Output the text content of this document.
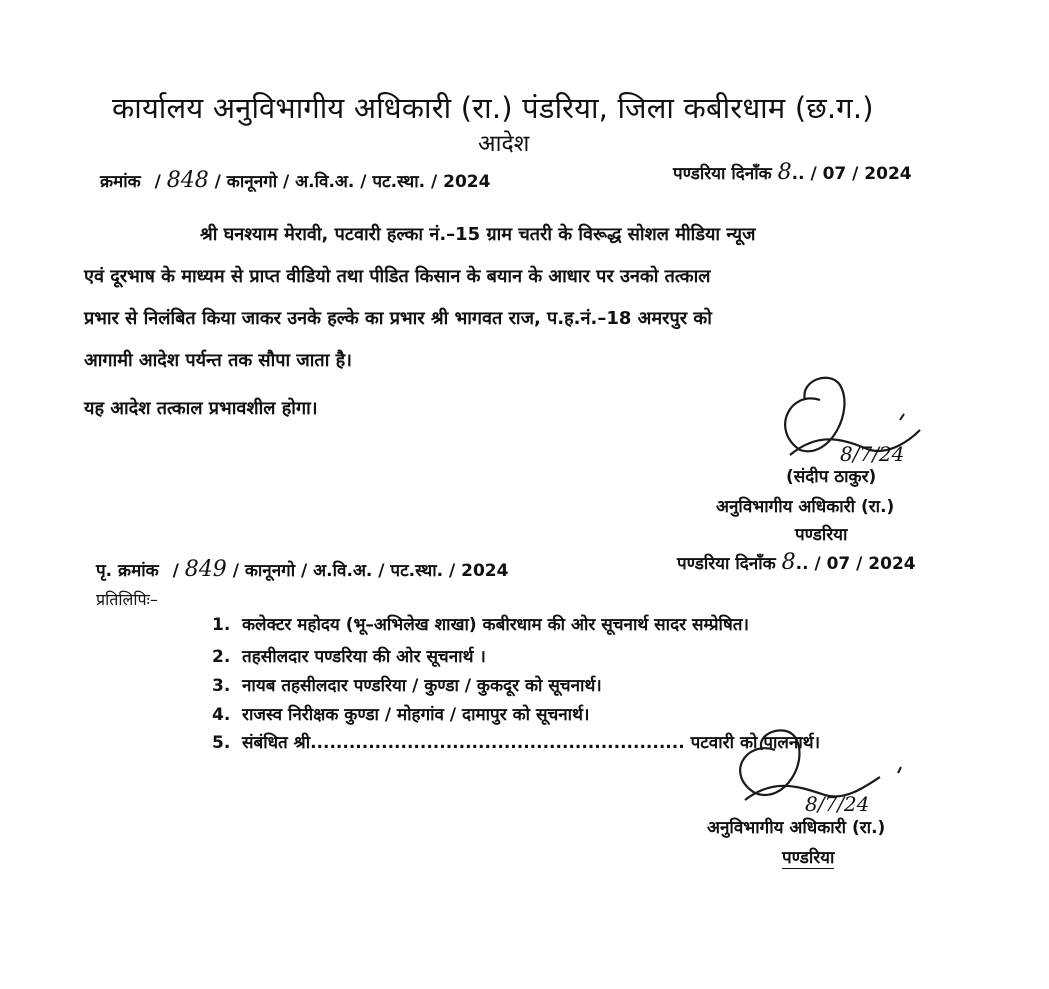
कार्यालय अनुविभागीय अधिकारी (रा.) पंडरिया, जिला कबीरधाम (छ.ग.)
आदेश
क्रमांक / 848 / कानूनगो / अ.वि.अ. / पट.स्था. / 2024	पण्डरिया दिनाँक 8.. / 07 / 2024
श्री घनश्याम मेरावी, पटवारी हल्का नं.–15 ग्राम चतरी के विरूद्ध सोशल मीडिया न्यूज
एवं दूरभाष के माध्यम से प्राप्त वीडियो तथा पीडित किसान के बयान के आधार पर उनको तत्काल
प्रभार से निलंबित किया जाकर उनके हल्के का प्रभार श्री भागवत राज, प.ह.नं.–18 अमरपुर को
आगामी आदेश पर्यन्त तक सौपा जाता है।
यह आदेश तत्काल प्रभावशील होगा।
8/7/24
(संदीप ठाकुर)
अनुविभागीय अधिकारी (रा.)
पण्डरिया
पृ. क्रमांक / 849 / कानूनगो / अ.वि.अ. / पट.स्था. / 2024	पण्डरिया दिनाँक 8.. / 07 / 2024
प्रतिलिपिः–
1. कलेक्टर महोदय (भू–अभिलेख शाखा) कबीरधाम की ओर सूचनार्थ सादर सम्प्रेषित।
2. तहसीलदार पण्डरिया की ओर सूचनार्थ ।
3. नायब तहसीलदार पण्डरिया / कुण्डा / कुकदूर को सूचनार्थ।
4. राजस्व निरीक्षक कुण्डा / मोहगांव / दामापुर को सूचनार्थ।
5. संबंधित श्री.......................................................... पटवारी को पालनार्थ।
8/7/24
अनुविभागीय अधिकारी (रा.)
पण्डरिया
